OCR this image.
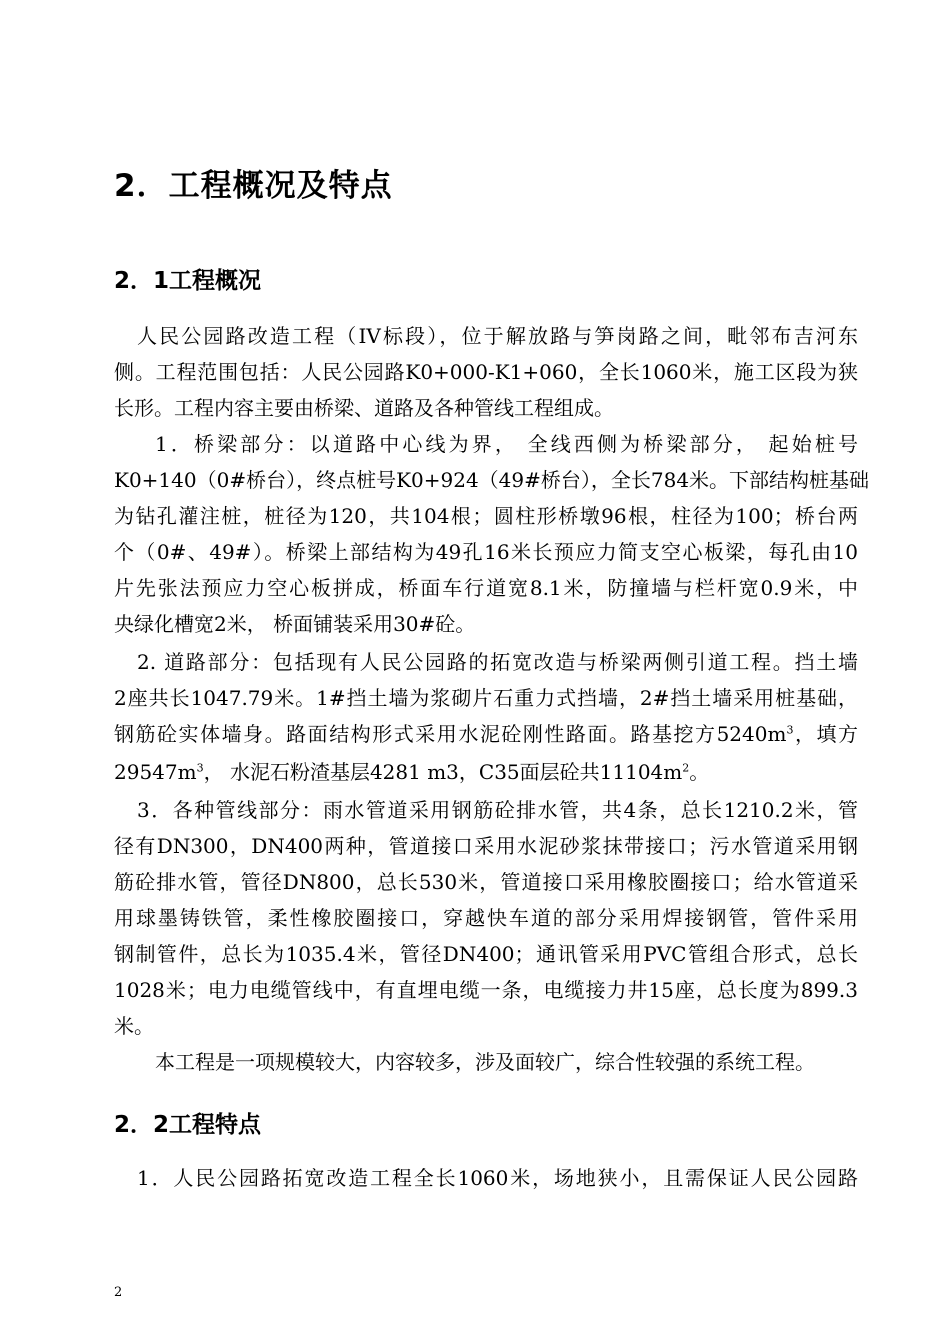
2．工程概况及特点
2．1工程概况
人民公园路改造工程（IV标段），位于解放路与笋岗路之间，毗邻布吉河东
侧。工程范围包括：人民公园路K0+000-K1+060，全长1060米，施工区段为狭
长形。工程内容主要由桥梁、道路及各种管线工程组成。
1．桥梁部分：以道路中心线为界， 全线西侧为桥梁部分， 起始桩号
K0+140（0#桥台），终点桩号K0+924（49#桥台），全长784米。下部结构桩基础
为钻孔灌注桩，桩径为120，共104根；圆柱形桥墩96根，柱径为100；桥台两
个（0#、49#）。桥梁上部结构为49孔16米长预应力简支空心板梁，每孔由10
片先张法预应力空心板拼成，桥面车行道宽8.1米，防撞墙与栏杆宽0.9米，中
央绿化槽宽2米， 桥面铺装采用30#砼。
2. 道路部分：包括现有人民公园路的拓宽改造与桥梁两侧引道工程。挡土墙
2座共长1047.79米。1#挡土墙为浆砌片石重力式挡墙，2#挡土墙采用桩基础，
钢筋砼实体墙身。路面结构形式采用水泥砼刚性路面。路基挖方$5240m^3$，填方
$29547m^3$， 水泥石粉渣基层4281 m3，C35面层砼共$11104m^2$。
3．各种管线部分：雨水管道采用钢筋砼排水管，共4条，总长1210.2米，管
径有DN300，DN400两种，管道接口采用水泥砂浆抹带接口；污水管道采用钢
筋砼排水管，管径DN800，总长530米，管道接口采用橡胶圈接口；给水管道采
用球墨铸铁管，柔性橡胶圈接口，穿越快车道的部分采用焊接钢管，管件采用
钢制管件，总长为1035.4米，管径DN400；通讯管采用PVC管组合形式，总长
1028米；电力电缆管线中，有直埋电缆一条，电缆接力井15座，总长度为899.3
米。
本工程是一项规模较大，内容较多，涉及面较广，综合性较强的系统工程。
2．2工程特点
1．人民公园路拓宽改造工程全长1060米，场地狭小，且需保证人民公园路
2
